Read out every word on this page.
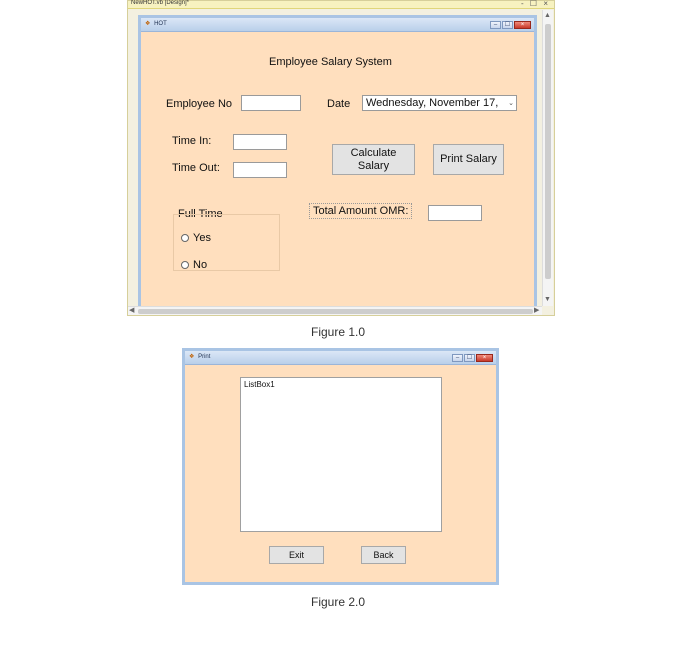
NewHOT.vb [Design]*	- ☐ ×
▲
▼
◀	▶
❖ HOT	–	☐	×
Employee Salary System
Employee No	Date	Wednesday, November 17, ⌄
Time In:
Time Out:
Calculate Salary
Print Salary
Full Time
Yes
No
Total Amount OMR:
Figure 1.0
❖ Print	–	☐	×
ListBox1
Exit	Back
Figure 2.0
